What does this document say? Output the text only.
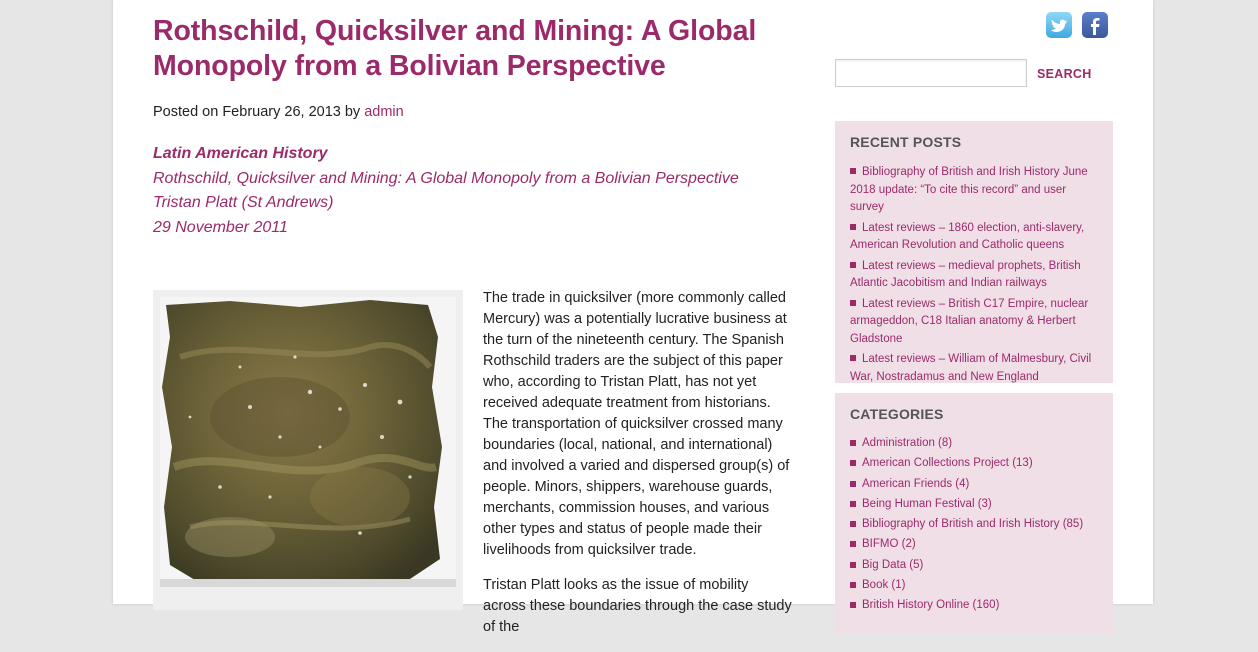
Rothschild, Quicksilver and Mining: A Global Monopoly from a Bolivian Perspective
Posted on February 26, 2013 by admin
Latin American History
Rothschild, Quicksilver and Mining: A Global Monopoly from a Bolivian Perspective
Tristan Platt (St Andrews)
29 November 2011

The trade in quicksilver (more commonly called Mercury) was a potentially lucrative business at the turn of the nineteenth century. The Spanish Rothschild traders are the subject of this paper who, according to Tristan Platt, has not yet received adequate treatment from historians. The transportation of quicksilver crossed many boundaries (local, national, and international) and involved a varied and dispersed group(s) of people. Minors, shippers, warehouse guards, merchants, commission houses, and various other types and status of people made their livelihoods from quicksilver trade.

Tristan Platt looks as the issue of mobility across these boundaries through the case study of the

SEARCH
RECENT POSTS
Bibliography of British and Irish History June 2018 update: “To cite this record” and user survey
Latest reviews – 1860 election, anti-slavery, American Revolution and Catholic queens
Latest reviews – medieval prophets, British Atlantic Jacobitism and Indian railways
Latest reviews – British C17 Empire, nuclear armageddon, C18 Italian anatomy & Herbert Gladstone
Latest reviews – William of Malmesbury, Civil War, Nostradamus and New England
CATEGORIES
Administration (8)
American Collections Project (13)
American Friends (4)
Being Human Festival (3)
Bibliography of British and Irish History (85)
BIFMO (2)
Big Data (5)
Book (1)
British History Online (160)
